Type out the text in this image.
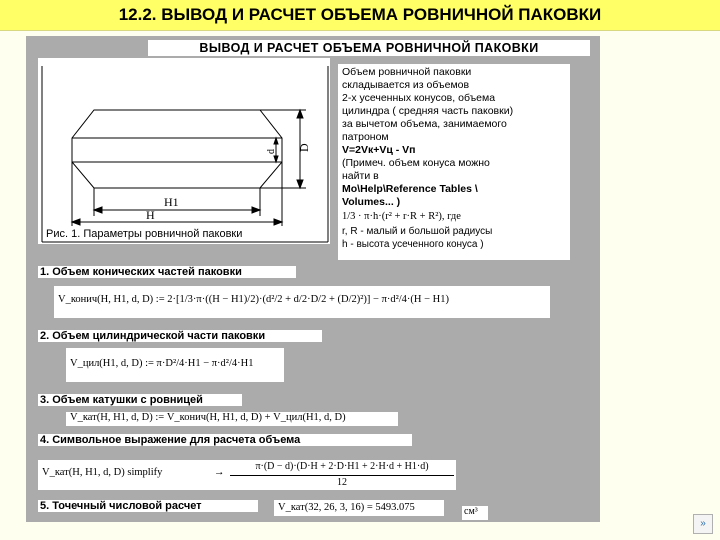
12.2. ВЫВОД И РАСЧЕТ ОБЪЕМА РОВНИЧНОЙ ПАКОВКИ
ВЫВОД И РАСЧЕТ ОБЪЕМА РОВНИЧНОЙ ПАКОВКИ
H1
H
D
d
Рис. 1. Параметры ровничной паковки
Объем ровничной паковки
складывается из объемов
2-х усеченных конусов, объема
цилиндра ( средняя часть паковки)
за вычетом объема, занимаемого
патроном
V=2Vк+Vц - Vп
(Примеч. объем конуса можно
найти в
Mo\Help\Reference Tables \
Volumes... )
1/3 · π·h·(r² + r·R + R²), где
r, R - малый и большой радиусы
h - высота усеченного конуса )
1. Объем конических частей паковки
V_конич(H, H1, d, D) := 2·[1/3·π·((H − H1)/2)·(d²/2 + d/2·D/2 + (D/2)²)] − π·d²/4·(H − H1)
2. Объем цилиндрической части паковки
V_цил(H1, d, D) := π·D²/4·H1 − π·d²/4·H1
3. Объем катушки с ровницей
V_кат(H, H1, d, D) := V_конич(H, H1, d, D) + V_цил(H1, d, D)
4. Символьное выражение для расчета объема
V_кат(H, H1, d, D) simplify	→
π·(D − d)·(D·H + 2·D·H1 + 2·H·d + H1·d)
12
5. Точечный числовой расчет	V_кат(32, 26, 3, 16) = 5493.075	см³
»
